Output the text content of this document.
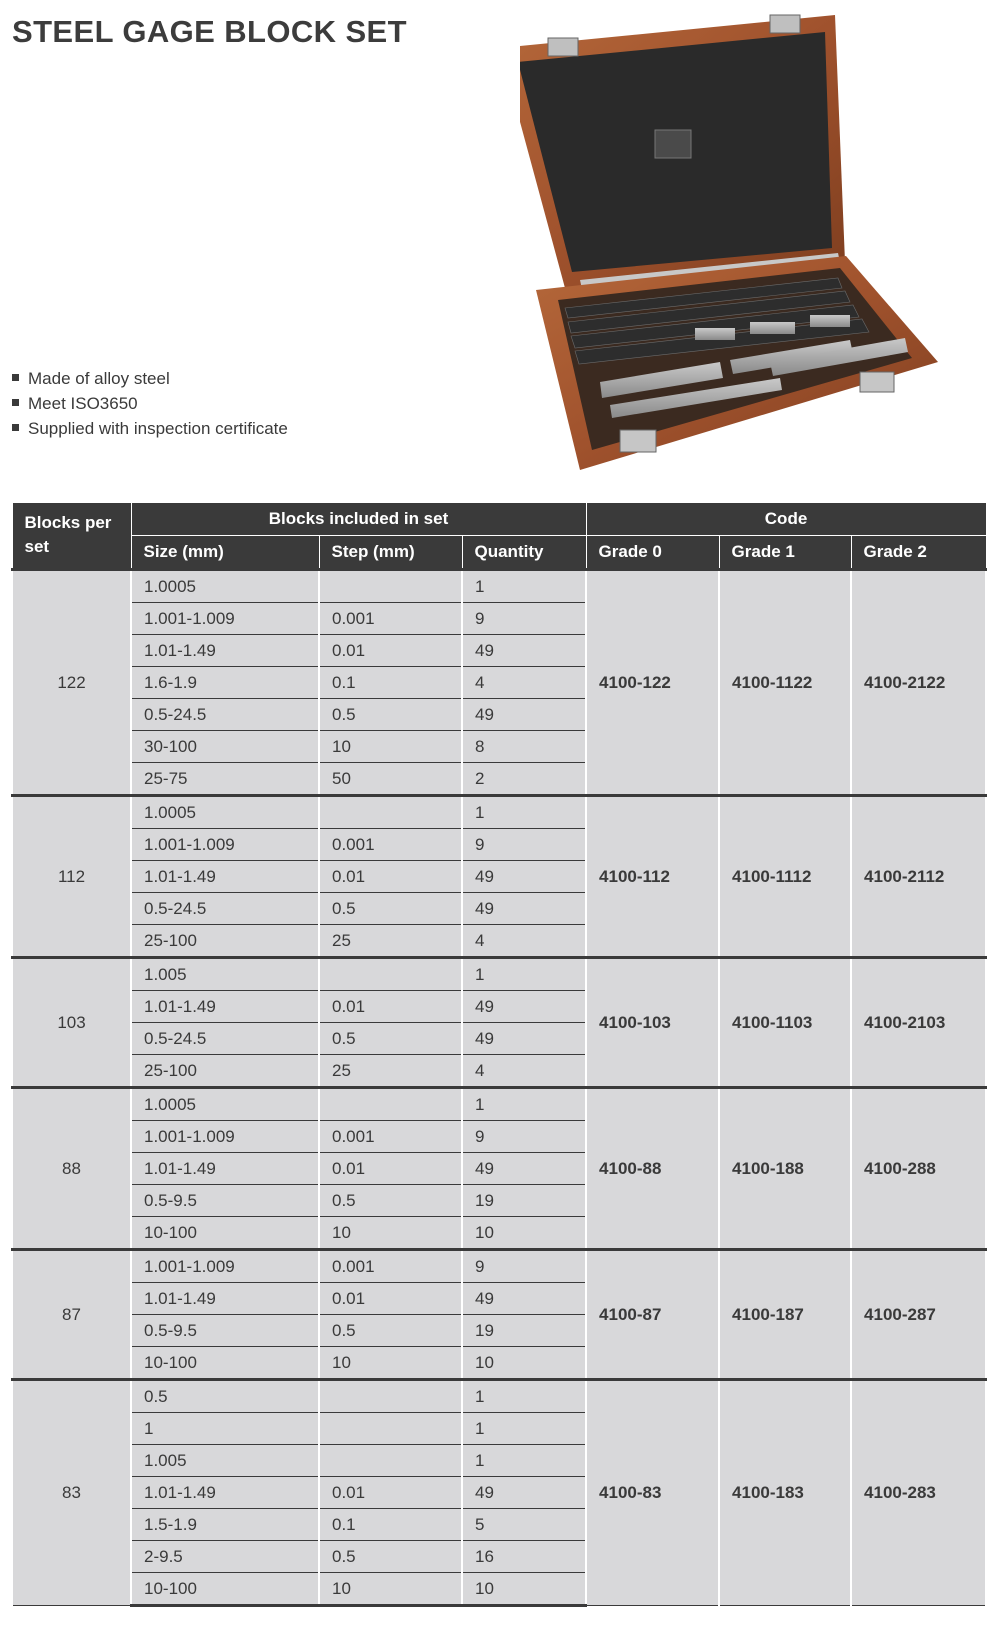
STEEL GAGE BLOCK SET
Made of alloy steel
Meet ISO3650
Supplied with inspection certificate
Blocks per set	Blocks included in set			Code		
	Size (mm)	Step (mm)	Quantity	Grade 0	Grade 1	Grade 2
122	1.0005		1	4100-122	4100-1122	4100-2122
	1.001-1.009	0.001	9			
	1.01-1.49	0.01	49			
	1.6-1.9	0.1	4			
	0.5-24.5	0.5	49			
	30-100	10	8			
	25-75	50	2			
112	1.0005		1	4100-112	4100-1112	4100-2112
	1.001-1.009	0.001	9			
	1.01-1.49	0.01	49			
	0.5-24.5	0.5	49			
	25-100	25	4			
103	1.005		1	4100-103	4100-1103	4100-2103
	1.01-1.49	0.01	49			
	0.5-24.5	0.5	49			
	25-100	25	4			
88	1.0005		1	4100-88	4100-188	4100-288
	1.001-1.009	0.001	9			
	1.01-1.49	0.01	49			
	0.5-9.5	0.5	19			
	10-100	10	10			
87	1.001-1.009	0.001	9	4100-87	4100-187	4100-287
	1.01-1.49	0.01	49			
	0.5-9.5	0.5	19			
	10-100	10	10			
83	0.5		1	4100-83	4100-183	4100-283
	1		1			
	1.005		1			
	1.01-1.49	0.01	49			
	1.5-1.9	0.1	5			
	2-9.5	0.5	16			
	10-100	10	10			
